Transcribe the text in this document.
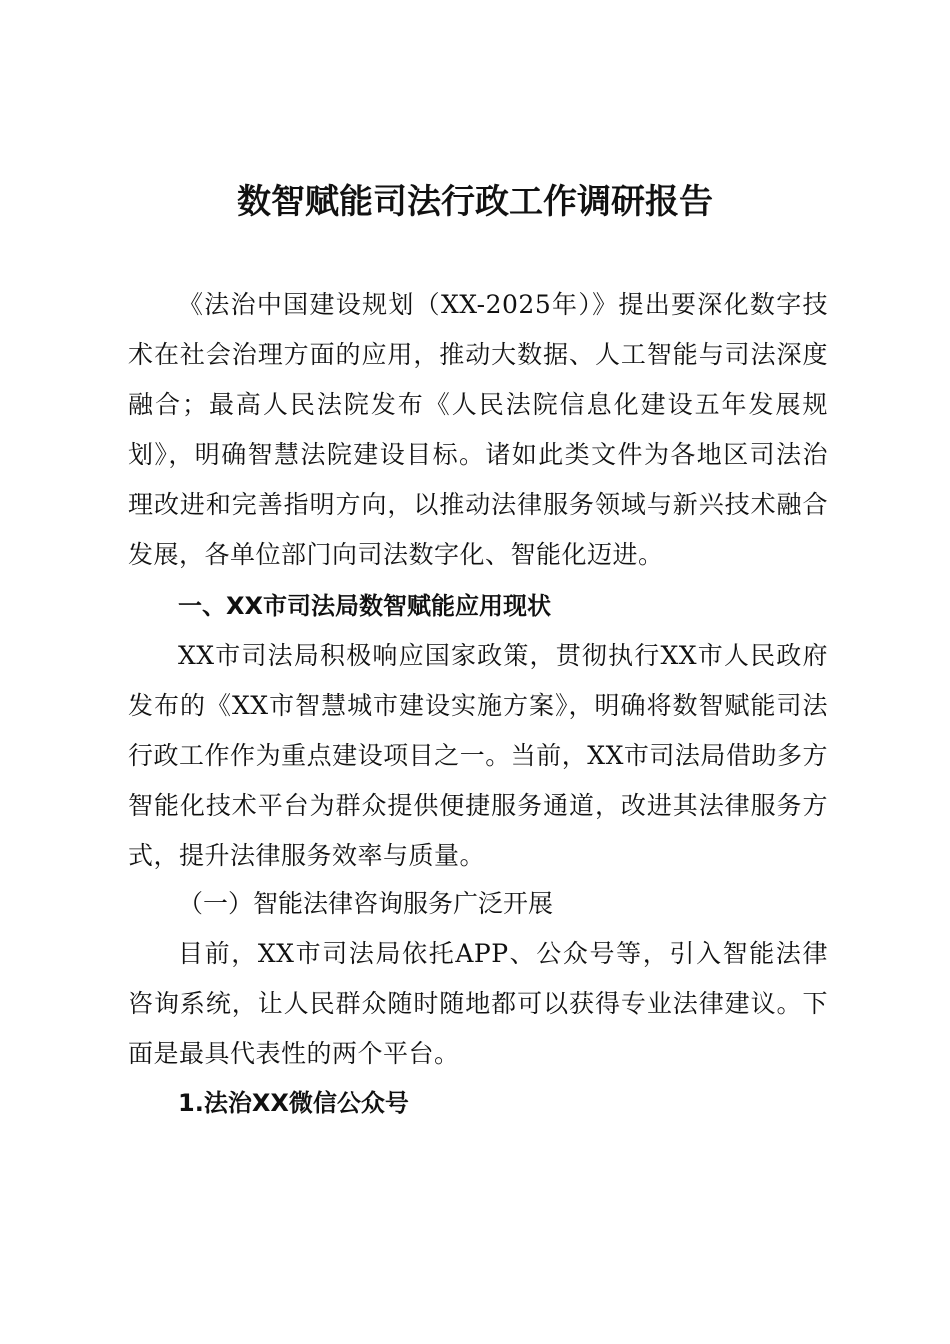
数智赋能司法行政工作调研报告

《法治中国建设规划（XX-2025年）》提出要深化数字技术在社会治理方面的应用，推动大数据、人工智能与司法深度融合；最高人民法院发布《人民法院信息化建设五年发展规划》，明确智慧法院建设目标。诸如此类文件为各地区司法治理改进和完善指明方向，以推动法律服务领域与新兴技术融合发展，各单位部门向司法数字化、智能化迈进。

一、XX市司法局数智赋能应用现状

XX市司法局积极响应国家政策，贯彻执行XX市人民政府发布的《XX市智慧城市建设实施方案》，明确将数智赋能司法行政工作作为重点建设项目之一。当前，XX市司法局借助多方智能化技术平台为群众提供便捷服务通道，改进其法律服务方式，提升法律服务效率与质量。

（一）智能法律咨询服务广泛开展

目前，XX市司法局依托APP、公众号等，引入智能法律咨询系统，让人民群众随时随地都可以获得专业法律建议。下面是最具代表性的两个平台。

1.法治XX微信公众号
